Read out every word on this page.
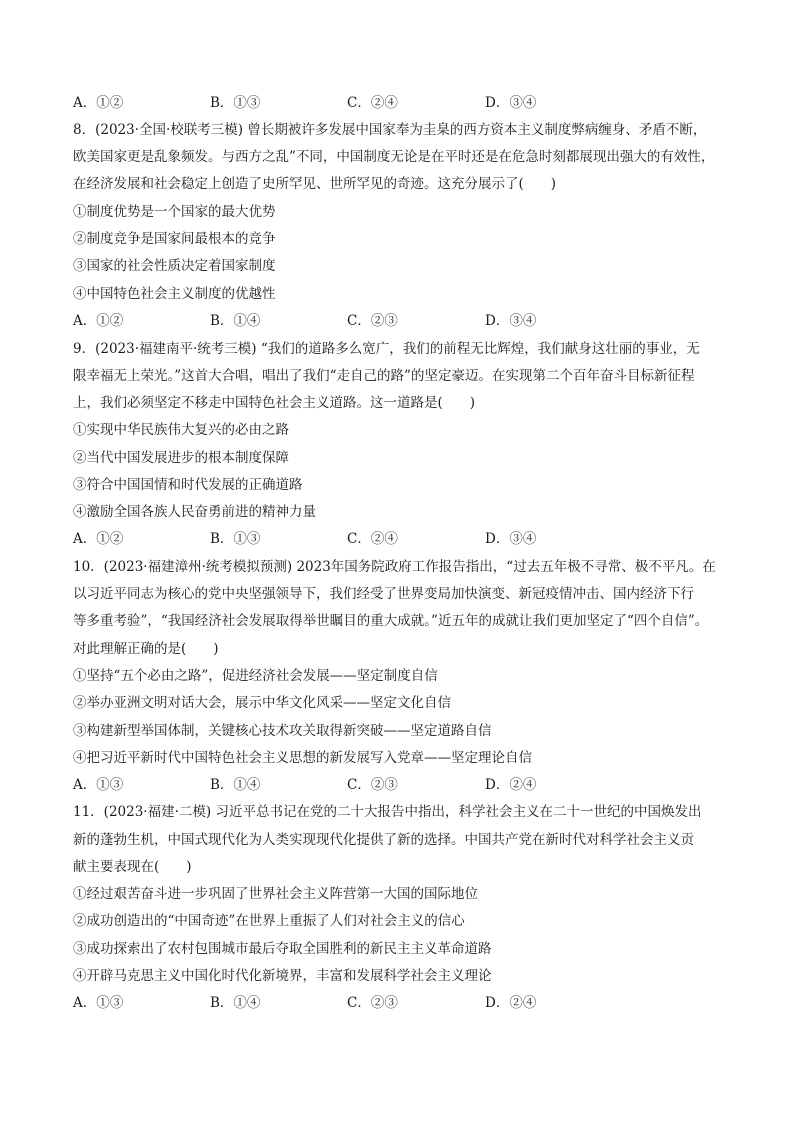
A．①②	B．①③	C．②④	D．③④
8．(2023·全国·校联考三模) 曾长期被许多发展中国家奉为圭臬的西方资本主义制度弊病缠身、矛盾不断，
欧美国家更是乱象频发。与西方之乱”不同，中国制度无论是在平时还是在危急时刻都展现出强大的有效性，
在经济发展和社会稳定上创造了史所罕见、世所罕见的奇迹。这充分展示了(　　)
①制度优势是一个国家的最大优势
②制度竞争是国家间最根本的竞争
③国家的社会性质决定着国家制度
④中国特色社会主义制度的优越性
A．①②	B．①④	C．②③	D．③④
9．(2023·福建南平·统考三模) “我们的道路多么宽广，我们的前程无比辉煌，我们献身这壮丽的事业，无
限幸福无上荣光。”这首大合唱，唱出了我们“走自己的路”的坚定豪迈。在实现第二个百年奋斗目标新征程
上，我们必须坚定不移走中国特色社会主义道路。这一道路是(　　)
①实现中华民族伟大复兴的必由之路
②当代中国发展进步的根本制度保障
③符合中国国情和时代发展的正确道路
④激励全国各族人民奋勇前进的精神力量
A．①②	B．①③	C．②④	D．③④
10．(2023·福建漳州·统考模拟预测) 2023年国务院政府工作报告指出，“过去五年极不寻常、极不平凡。在
以习近平同志为核心的党中央坚强领导下，我们经受了世界变局加快演变、新冠疫情冲击、国内经济下行
等多重考验”，“我国经济社会发展取得举世瞩目的重大成就。”近五年的成就让我们更加坚定了“四个自信”。
对此理解正确的是(　　)
①坚持“五个必由之路”，促进经济社会发展——坚定制度自信
②举办亚洲文明对话大会，展示中华文化风采——坚定文化自信
③构建新型举国体制，关键核心技术攻关取得新突破——坚定道路自信
④把习近平新时代中国特色社会主义思想的新发展写入党章——坚定理论自信
A．①③	B．①④	C．②③	D．②④
11．(2023·福建·二模) 习近平总书记在党的二十大报告中指出，科学社会主义在二十一世纪的中国焕发出
新的蓬勃生机，中国式现代化为人类实现现代化提供了新的选择。中国共产党在新时代对科学社会主义贡
献主要表现在(　　)
①经过艰苦奋斗进一步巩固了世界社会主义阵营第一大国的国际地位
②成功创造出的“中国奇迹”在世界上重振了人们对社会主义的信心
③成功探索出了农村包围城市最后夺取全国胜利的新民主主义革命道路
④开辟马克思主义中国化时代化新境界，丰富和发展科学社会主义理论
A．①③	B．①④	C．②③	D．②④
